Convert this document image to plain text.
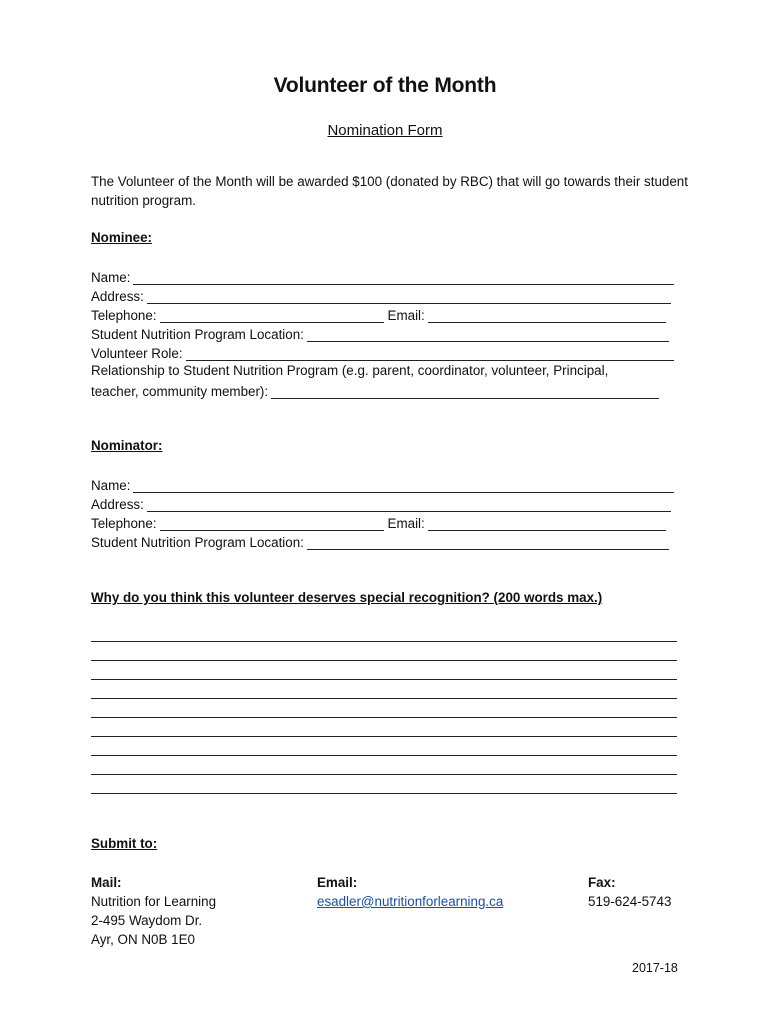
Volunteer of the Month
Nomination Form
The Volunteer of the Month will be awarded $100 (donated by RBC) that will go towards their student nutrition program.
Nominee:
Name:
Address:
Telephone:	Email:
Student Nutrition Program Location:
Volunteer Role:
Relationship to Student Nutrition Program (e.g. parent, coordinator, volunteer, Principal,
teacher, community member):
Nominator:
Name:
Address:
Telephone:	Email:
Student Nutrition Program Location:
Why do you think this volunteer deserves special recognition? (200 words max.)
Submit to:
Mail:
Nutrition for Learning
2-495 Waydom Dr.
Ayr, ON N0B 1E0
Email:
esadler@nutritionforlearning.ca
Fax:
519-624-5743
2017-18
